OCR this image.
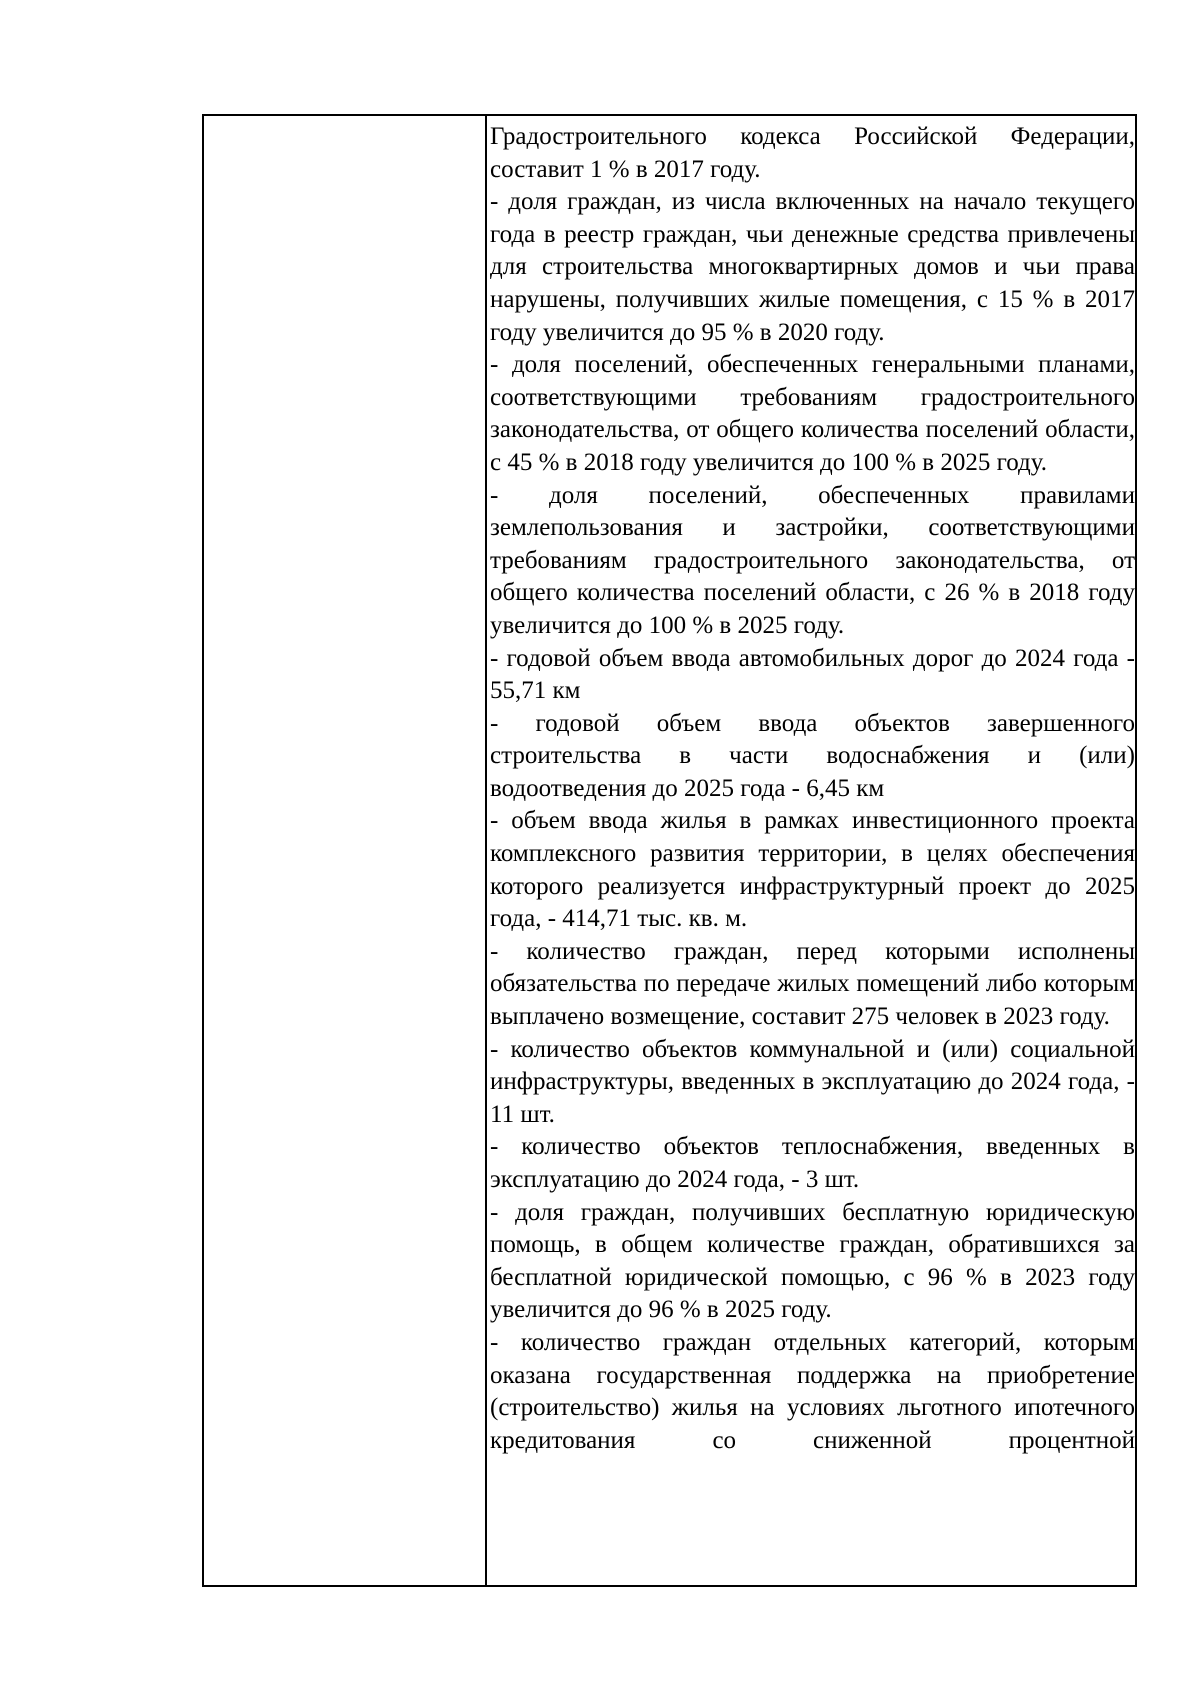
Градостроительного кодекса Российской Федерации, составит 1 % в 2017 году.

- доля граждан, из числа включенных на начало текущего года в реестр граждан, чьи денежные средства привлечены для строительства многоквартирных домов и чьи права нарушены, получивших жилые помещения, с 15 % в 2017 году увеличится до 95 % в 2020 году.

- доля поселений, обеспеченных генеральными планами, соответствующими требованиям градостроительного законодательства, от общего количества поселений области, с 45 % в 2018 году увеличится до 100 % в 2025 году.

- доля поселений, обеспеченных правилами землепользования и застройки, соответствующими требованиям градостроительного законодательства, от общего количества поселений области, с 26 % в 2018 году увеличится до 100 % в 2025 году.

- годовой объем ввода автомобильных дорог до 2024 года - 55,71 км

- годовой объем ввода объектов завершенного строительства в части водоснабжения и (или) водоотведения до 2025 года - 6,45 км

- объем ввода жилья в рамках инвестиционного проекта комплексного развития территории, в целях обеспечения которого реализуется инфраструктурный проект до 2025 года, - 414,71 тыс. кв. м.

- количество граждан, перед которыми исполнены обязательства по передаче жилых помещений либо которым выплачено возмещение, составит 275 человек в 2023 году.

- количество объектов коммунальной и (или) социальной инфраструктуры, введенных в эксплуатацию до 2024 года, - 11 шт.

- количество объектов теплоснабжения, введенных в эксплуатацию до 2024 года, - 3 шт.

- доля граждан, получивших бесплатную юридическую помощь, в общем количестве граждан, обратившихся за бесплатной юридической помощью, с 96 % в 2023 году увеличится до 96 % в 2025 году.

- количество граждан отдельных категорий, которым оказана государственная поддержка на приобретение (строительство) жилья на условиях льготного ипотечного кредитования со сниженной процентной
